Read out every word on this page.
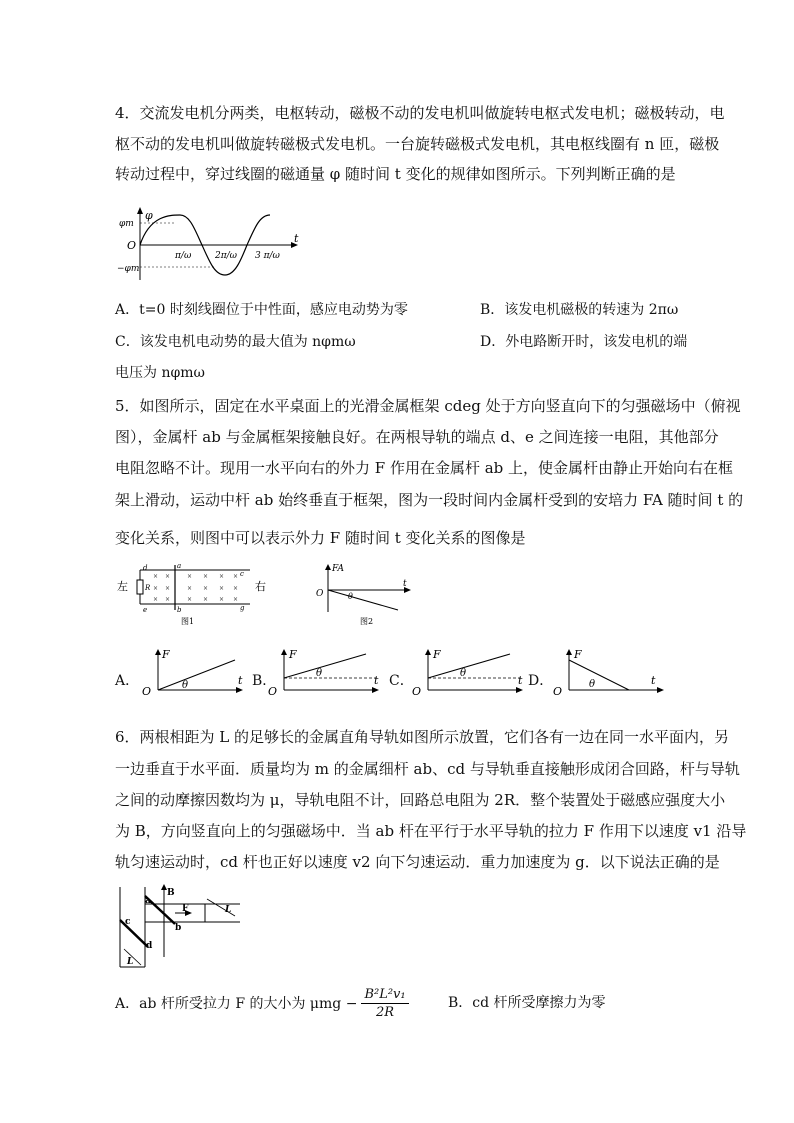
4．交流发电机分两类，电枢转动，磁极不动的发电机叫做旋转电枢式发电机；磁极转动，电
枢不动的发电机叫做旋转磁极式发电机。一台旋转磁极式发电机，其电枢线圈有 n 匝，磁极
转动过程中，穿过线圈的磁通量 φ 随时间 t 变化的规律如图所示。下列判断正确的是
φ
φm
O
−φm
t
π/ω	2π/ω 3 π/ω
A．t=0 时刻线圈位于中性面，感应电动势为零	B．该发电机磁极的转速为 2πω
C．该发电机电动势的最大值为 nφmω	D．外电路断开时，该发电机的端
电压为 nφmω
5．如图所示，固定在水平桌面上的光滑金属框架 cdeg 处于方向竖直向下的匀强磁场中（俯视
图），金属杆 ab 与金属框架接触良好。在两根导轨的端点 d、e 之间连接一电阻，其他部分
电阻忽略不计。现用一水平向右的外力 F 作用在金属杆 ab 上，使金属杆由静止开始向右在框
架上滑动，运动中杆 ab 始终垂直于框架，图为一段时间内金属杆受到的安培力 FA 随时间 t 的
变化关系，则图中可以表示外力 F 随时间 t 变化关系的图像是
左	右
d	a
c
e	b	g
R
× ×	× × × ×
× ×	× × × ×
× ×	× × × ×
图1
FA
t
O	θ
图2
A．
F
O	θ	t B．
F
O
θ
t C．
F
O
θ
t D．
F
O
θ	t
6．两根相距为 L 的足够长的金属直角导轨如图所示放置，它们各有一边在同一水平面内，另
一边垂直于水平面．质量均为 m 的金属细杆 ab、cd 与导轨垂直接触形成闭合回路，杆与导轨
之间的动摩擦因数均为 μ，导轨电阻不计，回路总电阻为 2R．整个装置处于磁感应强度大小
为 B，方向竖直向上的匀强磁场中．当 ab 杆在平行于水平导轨的拉力 F 作用下以速度 v1 沿导
轨匀速运动时，cd 杆也正好以速度 v2 向下匀速运动．重力加速度为 g．以下说法正确的是
a
b
c
d
B
F	L
L
A．ab 杆所受拉力 F 的大小为 $\mu mg - \frac{\text{B²L²v₁}}{2R}$	B．cd 杆所受摩擦力为零
